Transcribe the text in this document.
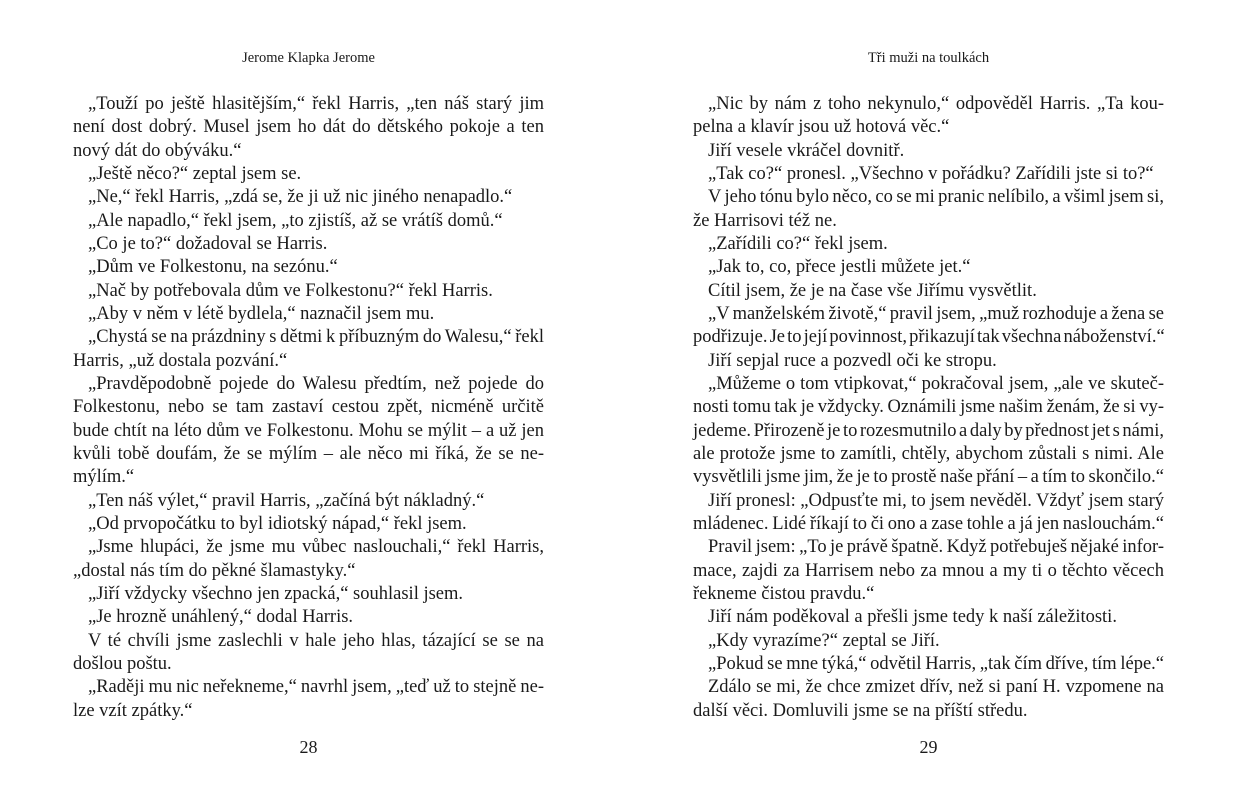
Jerome Klapka Jerome
„Touží po ještě hlasitějším,“ řekl Harris, „ten náš starý jim
není dost dobrý. Musel jsem ho dát do dětského pokoje a ten
nový dát do obýváku.“
„Ještě něco?“ zeptal jsem se.
„Ne,“ řekl Harris, „zdá se, že ji už nic jiného nenapadlo.“
„Ale napadlo,“ řekl jsem, „to zjistíš, až se vrátíš domů.“
„Co je to?“ dožadoval se Harris.
„Dům ve Folkestonu, na sezónu.“
„Nač by potřebovala dům ve Folkestonu?“ řekl Harris.
„Aby v něm v létě bydlela,“ naznačil jsem mu.
„Chystá se na prázdniny s dětmi k příbuzným do Walesu,“ řekl
Harris, „už dostala pozvání.“
„Pravděpodobně pojede do Walesu předtím, než pojede do
Folkestonu, nebo se tam zastaví cestou zpět, nicméně určitě
bude chtít na léto dům ve Folkestonu. Mohu se mýlit – a už jen
kvůli tobě doufám, že se mýlím – ale něco mi říká, že se ne-
mýlím.“
„Ten náš výlet,“ pravil Harris, „začíná být nákladný.“
„Od prvopočátku to byl idiotský nápad,“ řekl jsem.
„Jsme hlupáci, že jsme mu vůbec naslouchali,“ řekl Harris,
„dostal nás tím do pěkné šlamastyky.“
„Jiří vždycky všechno jen zpacká,“ souhlasil jsem.
„Je hrozně unáhlený,“ dodal Harris.
V té chvíli jsme zaslechli v hale jeho hlas, tázající se se na
došlou poštu.
„Raději mu nic neřekneme,“ navrhl jsem, „teď už to stejně ne-
lze vzít zpátky.“
28
Tři muži na toulkách
„Nic by nám z toho nekynulo,“ odpověděl Harris. „Ta kou-
pelna a klavír jsou už hotová věc.“
Jiří vesele vkráčel dovnitř.
„Tak co?“ pronesl. „Všechno v pořádku? Zařídili jste si to?“
V jeho tónu bylo něco, co se mi pranic nelíbilo, a všiml jsem si,
že Harrisovi též ne.
„Zařídili co?“ řekl jsem.
„Jak to, co, přece jestli můžete jet.“
Cítil jsem, že je na čase vše Jiřímu vysvětlit.
„V manželském životě,“ pravil jsem, „muž rozhoduje a žena se
podřizuje. Je to její povinnost, přikazují tak všechna náboženství.“
Jiří sepjal ruce a pozvedl oči ke stropu.
„Můžeme o tom vtipkovat,“ pokračoval jsem, „ale ve skuteč-
nosti tomu tak je vždycky. Oznámili jsme našim ženám, že si vy-
jedeme. Přirozeně je to rozesmutnilo a daly by přednost jet s námi,
ale protože jsme to zamítli, chtěly, abychom zůstali s nimi. Ale
vysvětlili jsme jim, že je to prostě naše přání – a tím to skončilo.“
Jiří pronesl: „Odpusťte mi, to jsem nevěděl. Vždyť jsem starý
mládenec. Lidé říkají to či ono a zase tohle a já jen naslouchám.“
Pravil jsem: „To je právě špatně. Když potřebuješ nějaké infor-
mace, zajdi za Harrisem nebo za mnou a my ti o těchto věcech
řekneme čistou pravdu.“
Jiří nám poděkoval a přešli jsme tedy k naší záležitosti.
„Kdy vyrazíme?“ zeptal se Jiří.
„Pokud se mne týká,“ odvětil Harris, „tak čím dříve, tím lépe.“
Zdálo se mi, že chce zmizet dřív, než si paní H. vzpomene na
další věci. Domluvili jsme se na příští středu.
29
